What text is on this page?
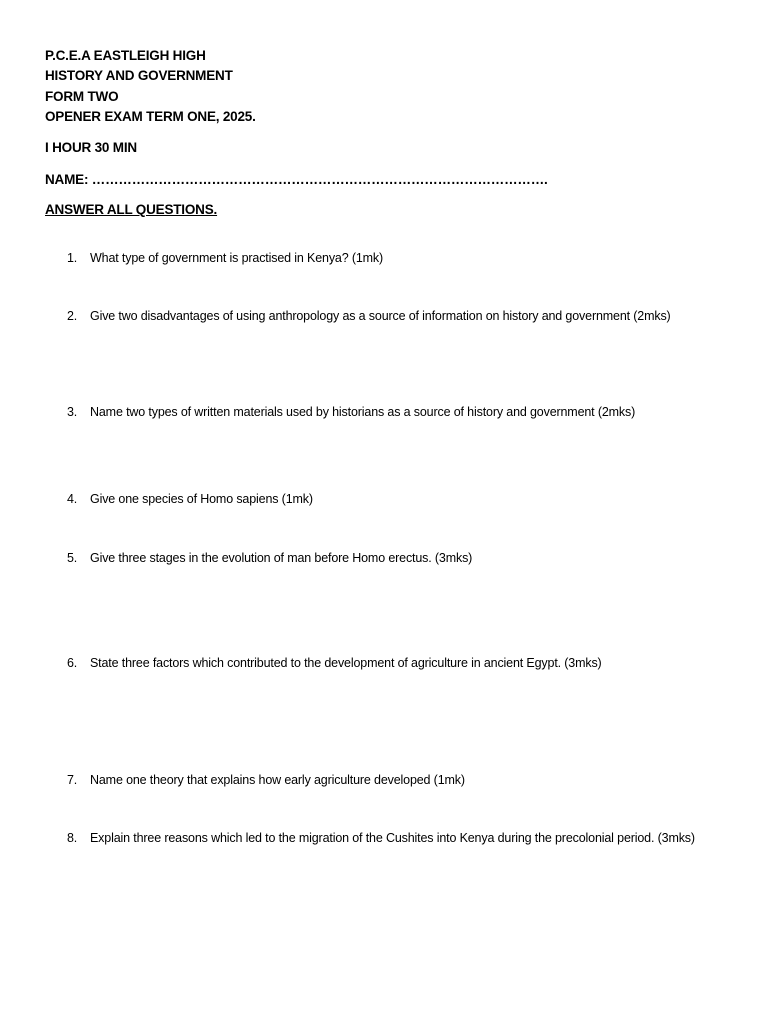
P.C.E.A EASTLEIGH HIGH
HISTORY AND GOVERNMENT
FORM TWO
OPENER EXAM TERM ONE, 2025.
I HOUR 30 MIN
NAME: ………………………………………………………………………………………….
ANSWER ALL QUESTIONS.
1. What type of government is practised in Kenya? (1mk)
2. Give two disadvantages of using anthropology as a source of information on history and government (2mks)
3. Name two types of written materials used by historians as a source of history and government (2mks)
4. Give one species of Homo sapiens (1mk)
5. Give three stages in the evolution of man before Homo erectus. (3mks)
6. State three factors which contributed to the development of agriculture in ancient Egypt. (3mks)
7. Name one theory that explains how early agriculture developed (1mk)
8. Explain three reasons which led to the migration of the Cushites into Kenya during the precolonial period. (3mks)
